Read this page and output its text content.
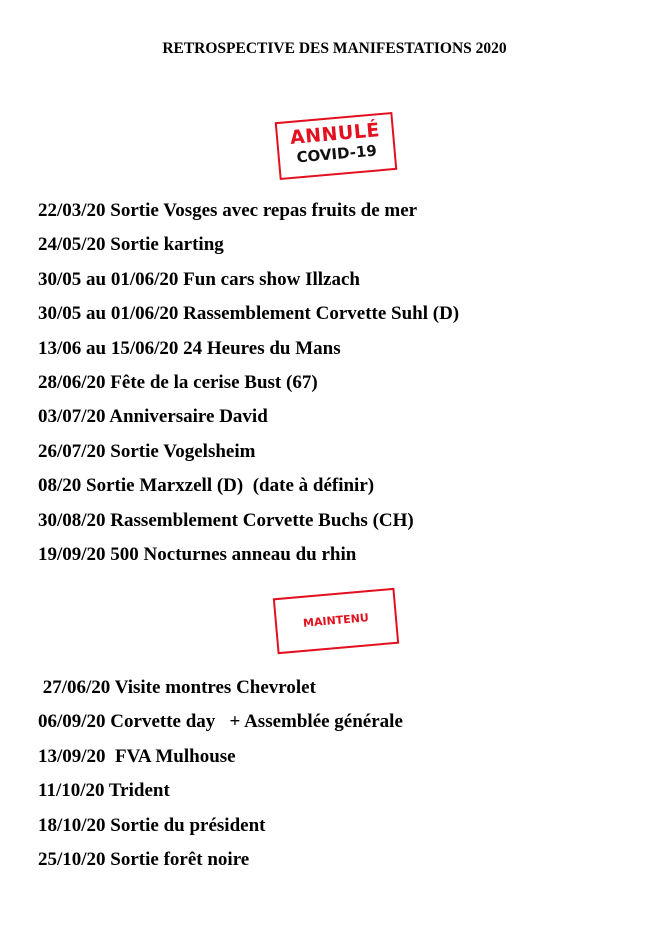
RETROSPECTIVE DES MANIFESTATIONS 2020
ANNULÉ
COVID-19
22/03/20 Sortie Vosges avec repas fruits de mer
24/05/20 Sortie karting
30/05 au 01/06/20 Fun cars show Illzach
30/05 au 01/06/20 Rassemblement Corvette Suhl (D)
13/06 au 15/06/20 24 Heures du Mans
28/06/20 Fête de la cerise Bust (67)
03/07/20 Anniversaire David
26/07/20 Sortie Vogelsheim
08/20 Sortie Marxzell (D)  (date à définir)
30/08/20 Rassemblement Corvette Buchs (CH)
19/09/20 500 Nocturnes anneau du rhin
MAINTENU
27/06/20 Visite montres Chevrolet
06/09/20 Corvette day   + Assemblée générale
13/09/20  FVA Mulhouse
11/10/20 Trident
18/10/20 Sortie du président
25/10/20 Sortie forêt noire
